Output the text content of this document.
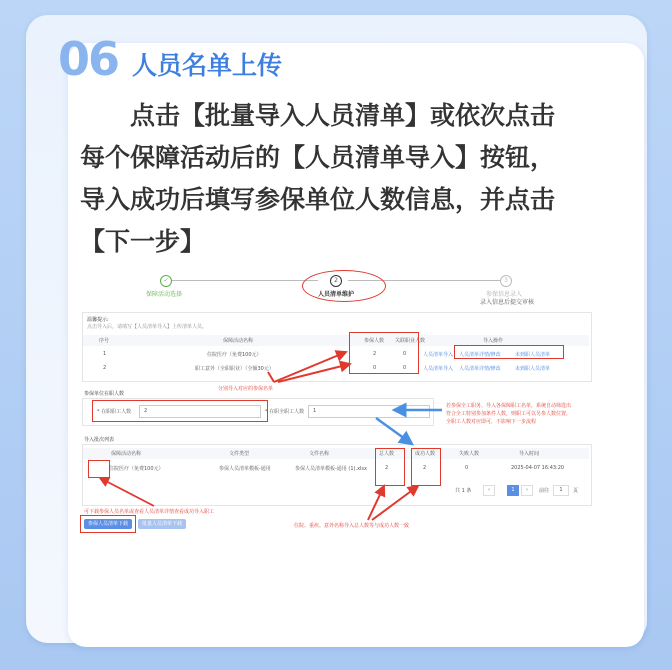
06 人员名单上传
点击【批量导入人员清单】或依次点击
每个保障活动后的【人员清单导入】按钮，
导入成功后填写参保单位人数信息，并点击
【下一步】
✓
保障活动选择
2
人员清单维护
3
参保信息录入
录入信息后提交审核
温馨提示:
点击导入后，请填写【人员清单导入】上传清单人员。
序号	保障活动名称	参保人数 关联职业人数	导入操作
1	住院医疗（免费100元）	2	0	人员清单导入 人员清单详情/修改	未到职人员清单
2	职工意外（全职职业）（全额30元）	0	0	人员清单导入 人员清单详情/修改	未到职人员清单
分别导入对应的参保名单
参保单位在职人数
* 在职职工人数	2	* 在职全职工人数 1
若参保全工职务、导入各保障职工名单，系统自动筛选出
符合全工特别参加条件人数，则职工可以另参人数位置，
全职工人数对应即可，不影响下一步流程
导入批次列表
保障活动名称	文件类型	文件名称	总人数	成功人数	失败人数	导入时间
住院医疗（免费100元）	参保人员清单模板-通用	参保人员清单模板-通用 (1).xlsx	2	2	0	2025-04-07 16:43:20
共 1 条	‹	1	›	前往	1	页
可下载参保人员名单或查看人员清单详情查看成功导入职工
住院、重疾、意外名称导入总人数等与成功人数一致
参保人员清单下载	批量人员清单下载
